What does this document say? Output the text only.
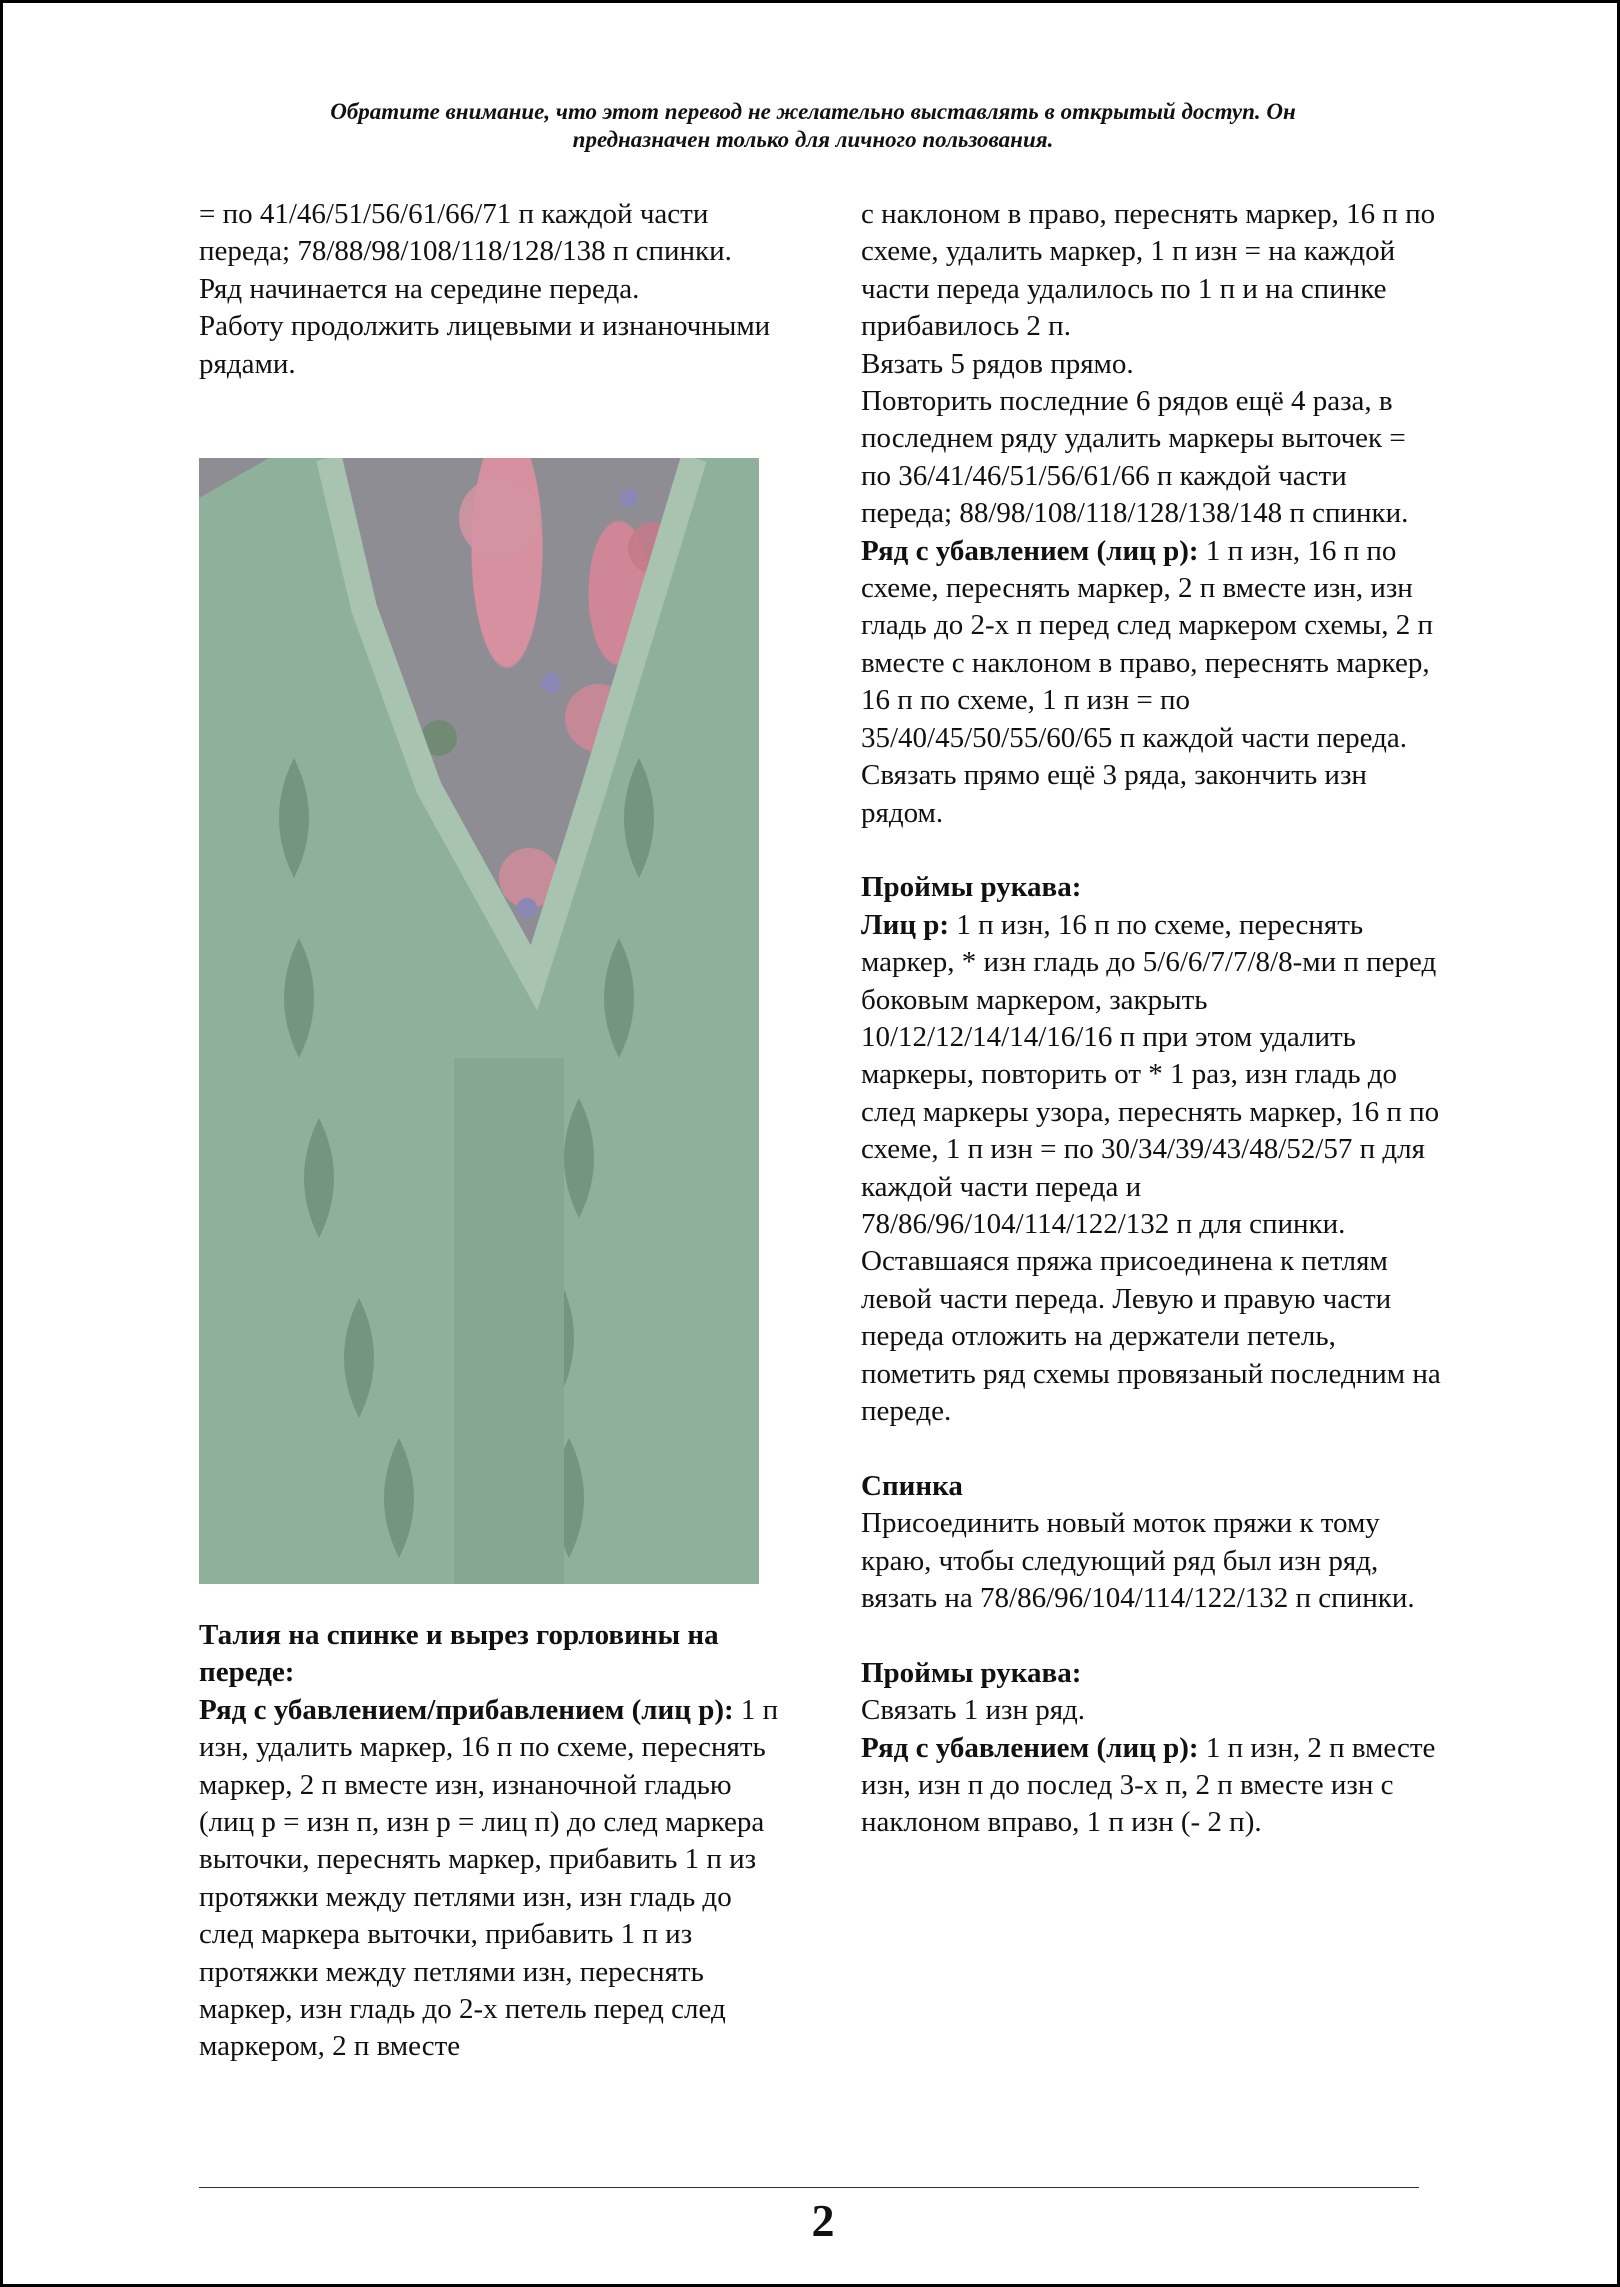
Обратите внимание, что этот перевод не желательно выставлять в открытый доступ. Он
предназначен только для личного пользования.

= по 41/46/51/56/61/66/71 п каждой части переда; 78/88/98/108/118/128/138 п спинки. Ряд начинается на середине переда.

Работу продолжить лицевыми и изнаночными рядами.

Талия на спинке и вырез горловины на переде:

Ряд с убавлением/прибавлением (лиц р): 1 п изн, удалить маркер, 16 п по схеме, переснять маркер, 2 п вместе изн, изнаночной гладью (лиц р = изн п, изн р = лиц п) до след маркера выточки, переснять маркер, прибавить 1 п из протяжки между петлями изн, изн гладь до след маркера выточки, прибавить 1 п из протяжки между петлями изн, переснять маркер, изн гладь до 2-х петель перед след маркером, 2 п вместе

с наклоном в право, переснять маркер, 16 п по схеме, удалить маркер, 1 п изн = на каждой части переда удалилось по 1 п и на спинке прибавилось 2 п.

Вязать 5 рядов прямо.

Повторить последние 6 рядов ещё 4 раза, в последнем ряду удалить маркеры выточек = по 36/41/46/51/56/61/66 п каждой части переда; 88/98/108/118/128/138/148 п спинки.

Ряд с убавлением (лиц р): 1 п изн, 16 п по схеме, переснять маркер, 2 п вместе изн, изн гладь до 2-х п перед след маркером схемы, 2 п вместе с наклоном в право, переснять маркер, 16 п по схеме, 1 п изн = по 35/40/45/50/55/60/65 п каждой части переда.

Связать прямо ещё 3 ряда, закончить изн рядом.

Проймы рукава:

Лиц р: 1 п изн, 16 п по схеме, переснять маркер, * изн гладь до 5/6/6/7/7/8/8-ми п перед боковым маркером, закрыть 10/12/12/14/14/16/16 п при этом удалить маркеры, повторить от * 1 раз, изн гладь до след маркеры узора, переснять маркер, 16 п по схеме, 1 п изн = по 30/34/39/43/48/52/57 п для каждой части переда и 78/86/96/104/114/122/132 п для спинки.

Оставшаяся пряжа присоединена к петлям левой части переда. Левую и правую части переда отложить на держатели петель, пометить ряд схемы провязаный последним на переде.

Спинка

Присоединить новый моток пряжи к тому краю, чтобы следующий ряд был изн ряд, вязать на 78/86/96/104/114/122/132 п спинки.

Проймы рукава:

Связать 1 изн ряд.

Ряд с убавлением (лиц р): 1 п изн, 2 п вместе изн, изн п до послед 3-х п, 2 п вместе изн с наклоном вправо, 1 п изн (- 2 п).

2
